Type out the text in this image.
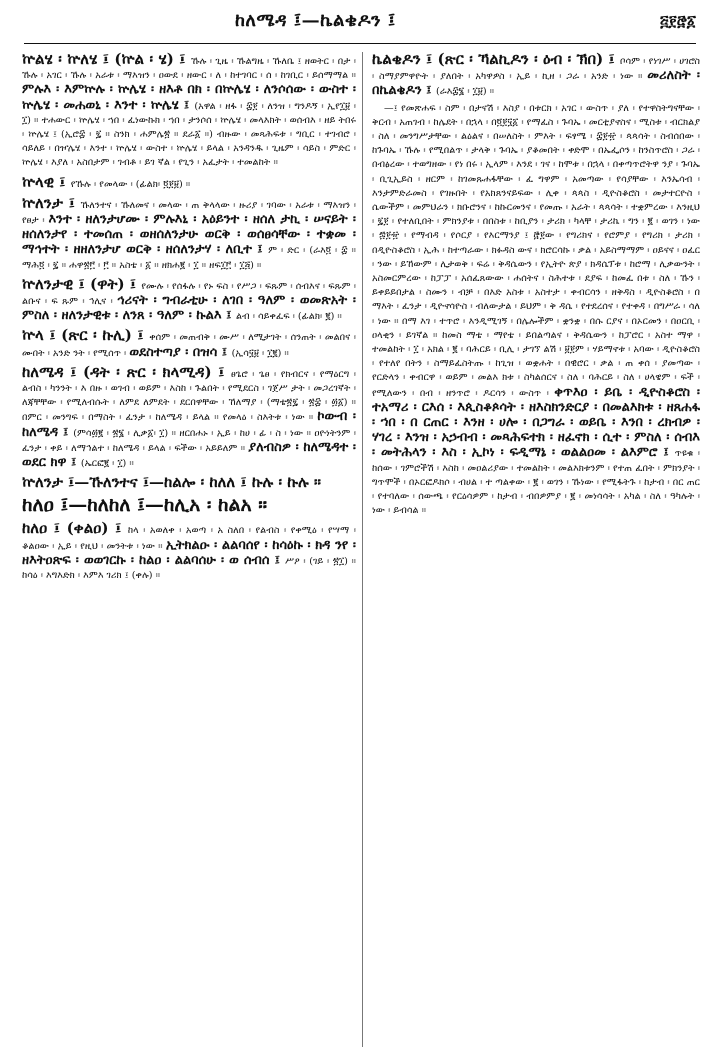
ከለሜዳ ፤—ኬልቄዶን ፤	፭፻፸፩

ኵልሄ ፡ ኵለሄ ፤ (ኵል ፡ ሄ) ፤ ኹሉ ፡ ጊዜ ፡ ኹልግዜ ፡ ኹለቤ ፤ ዘወትር ፡ በታ ፡ ኹሉ ፡ አገር ፡ ኹሉ ፡ አራቱ ፡ ማእዝን ፡ ዐውደ ፡ ዘውር ፡ ለ ፡ ከተገባር ፡ ሰ ፡ ከገቢር ፡ ይሰማማል ። ምሉእ ፡ እምኵሉ ፡ ኵሌሄ ፡ ዘእቶ በክ ፡ በኵሌሄ ፡ ለንሶሰው ፡ ውስተ ፡ ኵሌሄ ፡ መሐወኒ ፡ እንተ ፡ ኵሌሄ ፤ (አዋል ፡ ዘፋ ፡ ፰፻ ፡ ለንዝ ፡ ግንዶኝ ፡ ኢየ፲፱ ፡ ፲) ። ተሐውር ፡ ኵሌሄ ፡ ኀበ ፡ ፈነውኩክ ፡ ኀበ ፡ ታንሶሰ ፡ ኵሌሄ ፡ መላእክት ፡ ወሰብእ ፡ ዘይ ትበሩ ፡ ኵሌሄ ፤ (ኢሮ፰ ፡ ፯ ። ስንክ ፡ ሐምሌ፳ ። ደራ፩ ።) ብዙው ፡ መጻሕፍቱ ፡ ግቢር ፡ ተገብሮ ፡ ሳይለይ ፡ በዦሌሄ ፡ እንተ ፡ ኵሌሄ ፡ ውስተ ፡ ኵሌሄ ፡ ይላል ፡ አንዳንዱ ፡ ጊዜም ፡ ሳይስ ፡ ምድር ፡ ኵሌሄ ፡ እያለ ፡ አስበታም ፡ ገብቶ ፡ ይገ ኛል ፡ የጊን ፡ አፈታት ፡ ተመልከት ።

ኵላዊ ፤ የኹሉ ፡ የመላው ፡ (ፊልክ፡ ፬፻፱) ።

ኵለንታ ፤ ኹለንተና ፡ ኹለመና ፡ መላው ፡ ጠ ቅላላው ፡ ዙሪያ ፡ ገባው ፡ አራቱ ፡ ማእዝን ፡ የፀታ ፡ እንተ ፡ ዘለንታሆሙ ፡ ምሉእኒ ፡ አዕይንተ ፡ ዘሰለ ታኪ ፡ ሠናይት ፡ ዘሰለንታየ ፡ ተመሰጠ ፡ ወዘሰለንታሁ ወርቅ ፡ ወሰፀሳቸው ፡ ተቋመ ፡ ማኅተት ፡ ዘዘለንታሆ ወርቅ ፡ ዘሰለንታሃ ፡ ለቢተ ፤ ም ፡ ድር ፡ (ራእ፬ ፡ ፰ ። ማሕ፬ ፡ ፯ ። ሐዋ፳፫ ፡ ፫ ። አስቴ ፡ ፩ ። ዘክሐ፪ ፡ ፲ ። ዘፍ፲፫ ፡ ፲፭) ።

ኵለንታዊ ፤ (ዋት) ፤ የሙሉ ፡ የሰፋሉ ፡ የኑ ፍስ ፡ የሥጋ ፡ ፍጹም ፡ ሰብእና ፡ ፍጹም ፡ ልቡና ፡ ፍ ጹም ፡ ኅሊና ፡ ኅሪናት ፡ ግብራቲሁ ፡ ለገበ ፡ ዓለም ፡ ወመጽአት ፡ ምስለ ፡ ዘለንታዊቱ ፡ ለንጸ ፡ ዓለም ፡ ኩልእ ፤ ልብ ፡ ሳይቀፈፍ ፡ (ፊልክ፡ ፪) ።

ኵላ ፤ (ጽር ፡ ኩሊ) ፤ ቀሰም ፡ መጠብቅ ፡ ሙሥ ፡ ለሚታገት ፡ ሰንጠት ፡ መልበና ፡ ሙበት ፡ አንድ ንት ፡ የሚሰጥ ፡ ወደስተጣያ ፡ በዝሳ ፤ (ኢሳ፶፱ ፡ ፲፪) ።

ከለሜዳ ፤ (ዳት ፡ ጽር ፡ ክላሚዳ) ፤ ፀጌሮ ፡ ጌፀ ፡ የክብርና ፡ የማዕርግ ፡ ልብስ ፡ ካንንት ፡ እ በዙ ፡ ወገብ ፡ ወይም ፡ እስከ ፡ ጉልበት ፡ የሚደርስ ፡ ገጀሥ ታት ፡ መጋረገኛት ፡ ለጃቸቸው ፡ የሚለብሱት ፡ ለምደ ለምደት ፡ ደርበዋቸው ፡ ኸለማያ ፡ (ማቴ፳፯ ፡ ፳፰ ፡ ፴፩) ። በምር ፡ መንግፍ ፡ በማስት ፡ ፈንታ ፡ ከለሜዳ ፡ ይላል ። የመላዕ ፡ ስእትቱ ፡ ነው ። ኮውብ ፡ ከለሜዳ ፤ (ምሳ፴፪ ፡ ፳፮ ፡ ሊቃ፩፡ ፲) ። ዘርበሐኑ ፡ ኢይ ፡ ከሀ ፡ ፊ ፡ ስ ፡ ነው ። ዐዮነትንም ፡ ፈንታ ፡ ቀይ ፡ ለማኅልተ ፡ ከለሜዳ ፡ ይላል ፡ ፍችው ፡ አይይለም ። ያለብስዎ ፡ ከለሜዳተ ፡ ወደር ክዋ ፤ (ኤርፎ፪ ፡ ፲) ።

ኵለንታ ፤—ኹለንተና ፤—ከልሎ ፡ ከለለ ፤ ኩሉ ፡ ኩሉ ።

ከለዐ ፤—ከለከለ ፤—ከሊአ ፡ ከልአ ።

ከለዐ ፤ (ቀልዐ) ፤ ከላ ፡ አወለቀ ፡ አወጣ ፡ አ ስለበ ፡ የልብስ ፡ የቀሚዕ ፡ የሣማ ፡ ቆልዐው ፡ ኢይ ፡ የዚህ ፡ መንትቱ ፡ ነው ። ኢትክልዑ ፡ ልልባሰየ ፡ ከሳዕኩ ፡ ክዳ ንየ ፡ ዘእትዐጽፍ ፡ ወወገርኩ ፡ ከልዐ ፡ ልልባሰሁ ፡ ወ ሰብሰ ፤ ሥዖ ፡ (ገይ ፡ ፳፲) ። ከሳዕ ፡ እግእድክ ፡ እምእ ገሪክ ፤ (ቀሉ) ።

ኬልቄዶን ፤ (ጽር ፡ ኻልኪዶን ፡ ዕብ ፡ ኽበ) ፤ ቦሳም ፡ የነገሥ ፡ ሀገሮስ ፡ ስማያምዋዮት ፡ ያለበት ፡ አካዋዎስ ፡ ኢይ ፡ ኪዘ ፡ ጋራ ፡ አንድ ፡ ነው ። መሪለስት ፡ በኬልቄዶን ፤ (ራእ፰፮ ፡ ፲፱) ።

—፤ የመጽሐፍ ፡ ስም ፡ በታናሽ ፡ እስያ ፡ በቱርክ ፡ አገር ፡ ውስጥ ፡ ያለ ፡ የተዋስትግናቸው ፡ ቅርብ ፡ አጠገብ ፡ ከሌደት ፡ በኋላ ፡ በ፬፻፶፩ ፡ የማፈስ ፡ ጉባኤ ፡ መርቲያኖስና ፡ ሚስቱ ፡ ብርክልያ ፡ ስለ ፡ መንግሥታቸው ፡ ልዕልና ፡ በሠለስት ፡ ምእት ፡ ፍፃሜ ፡ ፰፻፹ ፡ ጳጳሳት ፡ ስብሰበው ፡ ከጉባኤ ፡ ኹሉ ፡ የሚበልጥ ፡ ታላቅ ፡ ጉባኤ ፡ ያቆመበት ፡ ቀድሞ ፡ በኤፌሶን ፡ ከንስጥሮስ ፡ ጋራ ፡ በብፅረው ፡ ተወግዘው ፡ የነ በሩ ፡ ኢላም ፡ እንደ ፡ ገና ፡ ከሞቱ ፡ በኋላ ፡ በቀጣጥሮትዋ ንያ ፡ ጉባኤ ፡ ቢጊኢይስ ፡ ዘርም ፡ ከገመጹሐፋቸው ፡ ፈ ግዋም ፡ አመጣው ፡ የሳያቸው ፡ እንኤሳብ ፡ እንታምድራመስ ፡ የገዙበት ፡ የአክጸንናይፍው ፡ ሊቀ ፡ ጳጳስ ፡ ዲዮስቆሮስ ፡ መታተርዮስ ፡ ሴውችም ፡ መምህራን ፡ ክቡሮንና ፡ ከኩርመንና ፡ የመጡ ፡ አራት ፡ ጳጳሳት ፡ ተቋምረው ፡ እንዚህ ፡ ፯፻ ፡ የተለቢበት ፡ ምክንያቱ ፡ በበስቱ ፡ ከቢያን ፡ ታሪክ ፡ ካላቸ ፡ ታሪኬ ፡ ግን ፡ ፪ ፡ ወገን ፡ ነው ፡ ፷፻፹ ፡ የማብዳ ፡ የሶርያ ፡ የእርማንያ ፤ ፸፻ው ፡ የግሪክና ፡ የሮምያ ፡ የግሪክ ፡ ታሪክ ፡ በዲዮስቆሮስ ፡ ኢሕ ፡ ከተጣራው ፡ ክፉዳስ ውና ፡ ክሮርሳኩ ፡ ቃል ፡ አይስማማም ፡ ዐይናና ፡ ዐፈር ፡ ንው ፡ ይኸውም ፡ ሊታወቅ ፡ ፍሬ ፡ ቅዳሴውን ፡ የኢትዮ ጵያ ፡ ክዳሴፕቱ ፡ ከሮማ ፡ ሊቃውንት ፡ አስመርምረው ፡ ከፓፓ ፡ አሰፈጸውው ፡ ሐሰትና ፡ ስሕተቱ ፡ ደያፍ ፡ ከመፈ በቱ ፡ ስለ ፡ ኹን ፡ ይቀይይበታል ፡ ስሙን ፡ ብቻ ፡ በእድ አስቱ ፡ አስተታ ፡ ቀብርሳን ፡ ዘቅዳስ ፡ ዲዮስቆሮስ ፡ በ ማእት ፡ ፈንታ ፡ ዲዮኖሳዮስ ፡ ብለውታል ፡ ይህም ፡ ቅ ዳሴ ፡ የተደረሰና ፡ የተቀዳ ፡ በግሥራ ፡ ሳለ ፡ ነው ። በማ እገ ፡ ተጥሮ ፡ እንዲሚገኝ ፡ በሌሎችም ፡ ቋንቋ ፡ በሱ ርያና ፡ በኦርመን ፡ በዐርቢ ፡ ዐላቂን ፡ ይገኛል ። ከመስ ማቴ ፡ ማየቴ ፡ ይበልጣልና ፡ ቅዳሴውን ፡ ከፓሮር ፡ አስተ ማዋ ፡ ተመልከት ፡ ፲ ፡ አክል ፡ ፪ ፡ ባሕርይ ፡ ቢሊ ፡ ታገኘ ልሽ ፡ ፱፻ም ፡ ሃይማኖቱ ፡ አባው ፡ ዲዮስቆሮስ ፡ የተለየ በትን ፡ ስማይፈስትጡ ፡ ከጊዝ ፡ ወቋሐት ፡ በዊሮር ፡ ቃል ፡ ጠ ቀሰ ፡ ያመጣው ፡ የርድላን ፡ ቀብርዋ ፡ ወይም ፡ መልእ ክቱ ፡ ስካልሰርና ፡ ስለ ፡ ባሕርይ ፡ ስለ ፡ ሀላዌም ፡ ፍች ፡ የሚለውን ፡ በብ ፡ ዘንጥሮ ፡ ዶርሳን ፡ ውስጥ ፡ ቀጥእዐ ፡ ይቤ ፡ ዲዮስቆሮስ ፡ ተአማሪ ፡ ርእሰ ፡ እጲስቆጶሳት ፡ ዘእስክንድርያ ፡ በመልእክቱ ፡ ዘጸሐፋ ፡ ኀበ ፡ በ ርጠር ፡ እንዘ ፡ ሀሎ ፡ በጋግራ ፡ ወይቤ ፡ እንበ ፡ ረክብዎ ፡ ሃገረ ፡ እንዝ ፡ አኃብብ ፡ መጻሕፍተክ ፡ ዘፈኖክ ፡ ሲተ ፡ ምስለ ፡ ሰብእ ፡ መትሕላን ፡ እስ ፡ ኢኮነ ፡ ፍዲማኔ ፡ ወልልዐመ ፡ ልእምሮ ፤ ጥዩቁ ፡ ከሰው ፡ ገምሮችሽ ፡ እስከ ፡ መዐልሪያው ፡ ተመልከት ፡ መልእክቱንም ፡ የተጠ ፈበት ፡ ምክንያት ፡ ግጥሞች ፡ በኦርፎዶክሶ ፡ ብሀል ፡ ተ ጣልቀው ፡ ፪ ፡ ወገን ፡ ኹነው ፡ የሚፋትጉ ፡ ከታብ ፡ በር ጠር ፡ የተባለው ፡ ሰውጫ ፡ የርዕሳዎም ፡ ከታብ ፡ ብበዎምያ ፡ ፪ ፡ መነሳሳት ፡ አካል ፡ ስለ ፡ ዓካሉት ፡ ነው ፡ ይብሳል ።
